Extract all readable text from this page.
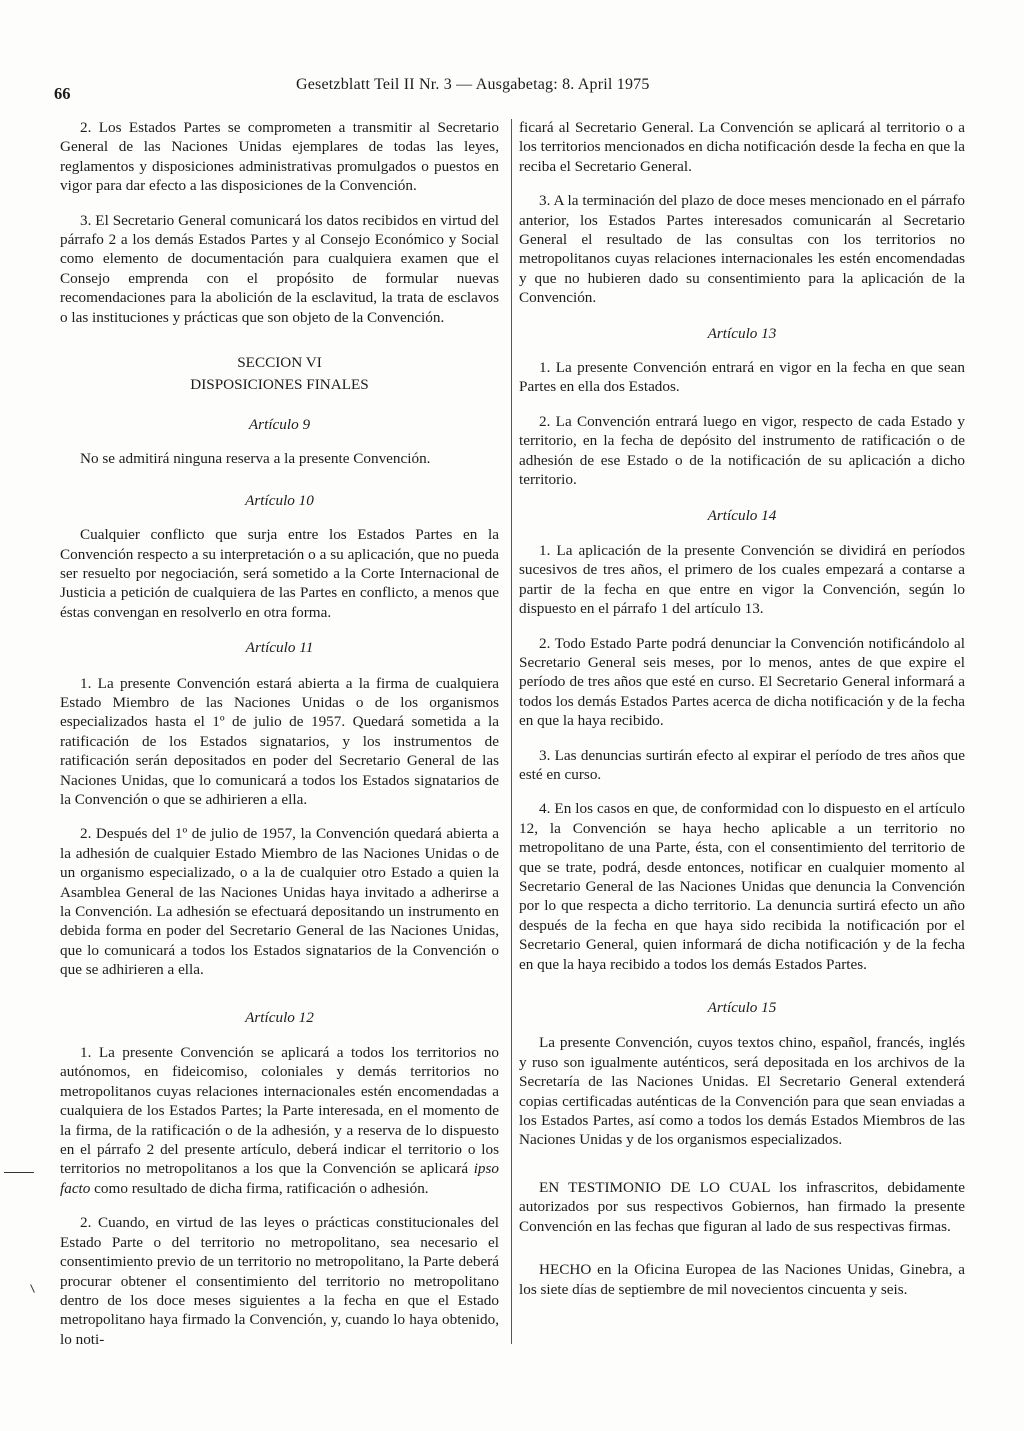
66	Gesetzblatt Teil II Nr. 3 — Ausgabetag: 8. April 1975

2. Los Estados Partes se comprometen a transmitir al Secretario General de las Naciones Unidas ejemplares de todas las leyes, reglamentos y disposiciones administrativas promulgados o puestos en vigor para dar efecto a las disposiciones de la Convención.

3. El Secretario General comunicará los datos recibidos en virtud del párrafo 2 a los demás Estados Partes y al Consejo Económico y Social como elemento de documentación para cualquiera examen que el Consejo emprenda con el propósito de formular nuevas recomendaciones para la abolición de la esclavitud, la trata de esclavos o las instituciones y prácticas que son objeto de la Convención.

SECCION VI

DISPOSICIONES FINALES

Artículo 9

No se admitirá ninguna reserva a la presente Convención.

Artículo 10

Cualquier conflicto que surja entre los Estados Partes en la Convención respecto a su interpretación o a su aplicación, que no pueda ser resuelto por negociación, será sometido a la Corte Internacional de Justicia a petición de cualquiera de las Partes en conflicto, a menos que éstas convengan en resolverlo en otra forma.

Artículo 11

1. La presente Convención estará abierta a la firma de cualquiera Estado Miembro de las Naciones Unidas o de los organismos especializados hasta el 1º de julio de 1957. Quedará sometida a la ratificación de los Estados signatarios, y los instrumentos de ratificación serán depositados en poder del Secretario General de las Naciones Unidas, que lo comunicará a todos los Estados signatarios de la Convención o que se adhirieren a ella.

2. Después del 1º de julio de 1957, la Convención quedará abierta a la adhesión de cualquier Estado Miembro de las Naciones Unidas o de un organismo especializado, o a la de cualquier otro Estado a quien la Asamblea General de las Naciones Unidas haya invitado a adherirse a la Convención. La adhesión se efectuará depositando un instrumento en debida forma en poder del Secretario General de las Naciones Unidas, que lo comunicará a todos los Estados signatarios de la Convención o que se adhirieren a ella.

Artículo 12

1. La presente Convención se aplicará a todos los territorios no autónomos, en fideicomiso, coloniales y demás territorios no metropolitanos cuyas relaciones internacionales estén encomendadas a cualquiera de los Estados Partes; la Parte interesada, en el momento de la firma, de la ratificación o de la adhesión, y a reserva de lo dispuesto en el párrafo 2 del presente artículo, deberá indicar el territorio o los territorios no metropolitanos a los que la Convención se aplicará ipso facto como resultado de dicha firma, ratificación o adhesión.

2. Cuando, en virtud de las leyes o prácticas constitucionales del Estado Parte o del territorio no metropolitano, sea necesario el consentimiento previo de un territorio no metropolitano, la Parte deberá procurar obtener el consentimiento del territorio no metropolitano dentro de los doce meses siguientes a la fecha en que el Estado metropolitano haya firmado la Convención, y, cuando lo haya obtenido, lo noti-

ficará al Secretario General. La Convención se aplicará al territorio o a los territorios mencionados en dicha notificación desde la fecha en que la reciba el Secretario General.

3. A la terminación del plazo de doce meses mencionado en el párrafo anterior, los Estados Partes interesados comunicarán al Secretario General el resultado de las consultas con los territorios no metropolitanos cuyas relaciones internacionales les estén encomendadas y que no hubieren dado su consentimiento para la aplicación de la Convención.

Artículo 13

1. La presente Convención entrará en vigor en la fecha en que sean Partes en ella dos Estados.

2. La Convención entrará luego en vigor, respecto de cada Estado y territorio, en la fecha de depósito del instrumento de ratificación o de adhesión de ese Estado o de la notificación de su aplicación a dicho territorio.

Artículo 14

1. La aplicación de la presente Convención se dividirá en períodos sucesivos de tres años, el primero de los cuales empezará a contarse a partir de la fecha en que entre en vigor la Convención, según lo dispuesto en el párrafo 1 del artículo 13.

2. Todo Estado Parte podrá denunciar la Convención notificándolo al Secretario General seis meses, por lo menos, antes de que expire el período de tres años que esté en curso. El Secretario General informará a todos los demás Estados Partes acerca de dicha notificación y de la fecha en que la haya recibido.

3. Las denuncias surtirán efecto al expirar el período de tres años que esté en curso.

4. En los casos en que, de conformidad con lo dispuesto en el artículo 12, la Convención se haya hecho aplicable a un territorio no metropolitano de una Parte, ésta, con el consentimiento del territorio de que se trate, podrá, desde entonces, notificar en cualquier momento al Secretario General de las Naciones Unidas que denuncia la Convención por lo que respecta a dicho territorio. La denuncia surtirá efecto un año después de la fecha en que haya sido recibida la notificación por el Secretario General, quien informará de dicha notificación y de la fecha en que la haya recibido a todos los demás Estados Partes.

Artículo 15

La presente Convención, cuyos textos chino, español, francés, inglés y ruso son igualmente auténticos, será depositada en los archivos de la Secretaría de las Naciones Unidas. El Secretario General extenderá copias certificadas auténticas de la Convención para que sean enviadas a los Estados Partes, así como a todos los demás Estados Miembros de las Naciones Unidas y de los organismos especializados.

EN TESTIMONIO DE LO CUAL los infrascritos, debidamente autorizados por sus respectivos Gobiernos, han firmado la presente Convención en las fechas que figuran al lado de sus respectivas firmas.

HECHO en la Oficina Europea de las Naciones Unidas, Ginebra, a los siete días de septiembre de mil novecientos cincuenta y seis.
